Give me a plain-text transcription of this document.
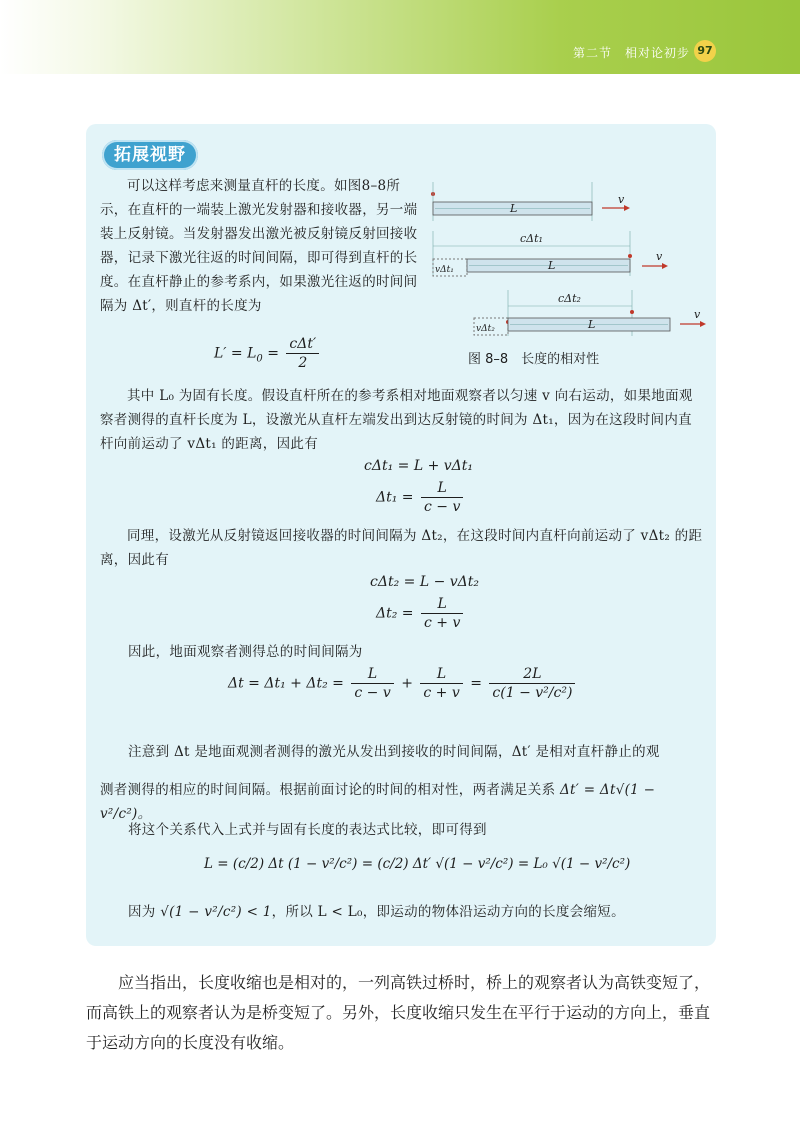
第二节　相对论初步 97
拓展视野

可以这样考虑来测量直杆的长度。如图8–8所示，在直杆的一端装上激光发射器和接收器，另一端装上反射镜。当发射器发出激光被反射镜反射回接收器，记录下激光往返的时间间隔，即可得到直杆的长度。在直杆静止的参考系内，如果激光往返的时间间隔为 Δt′，则直杆的长度为

$L' = L_0 = \frac{\text{cΔt′}}{2}$
L
v
cΔt₁
vΔt₁	L
v
cΔt₂
vΔt₂	L
v
图 8–8　长度的相对性

其中 L₀ 为固有长度。假设直杆所在的参考系相对地面观察者以匀速 v 向右运动，如果地面观察者测得的直杆长度为 L，设激光从直杆左端发出到达反射镜的时间为 Δt₁，因为在这段时间内直杆向前运动了 vΔt₁ 的距离，因此有

cΔt₁ = L + vΔt₁
$\Delta t_1 = \frac{L}{c - v}$

同理，设激光从反射镜返回接收器的时间间隔为 Δt₂，在这段时间内直杆向前运动了 vΔt₂ 的距离，因此有

cΔt₂ = L − vΔt₂
$\Delta t_2 = \frac{L}{c + v}$

因此，地面观察者测得总的时间间隔为

$\Delta t = \Delta t_1 + \Delta t_2 = \frac{L}{c - v} + \frac{L}{c + v} = \frac{2L}{\text{c(1 − v²/c²)}}$

注意到 Δt 是地面观测者测得的激光从发出到接收的时间间隔，Δt′ 是相对直杆静止的观

测者测得的相应的时间间隔。根据前面讨论的时间的相对性，两者满足关系 Δt′ = Δt√(1 − v²/c²)。

将这个关系代入上式并与固有长度的表达式比较，即可得到

L = (c/2) Δt (1 − v²/c²) = (c/2) Δt′ √(1 − v²/c²) = L₀ √(1 − v²/c²)

因为 √(1 − v²/c²) < 1，所以 L < L₀，即运动的物体沿运动方向的长度会缩短。

应当指出，长度收缩也是相对的，一列高铁过桥时，桥上的观察者认为高铁变短了，而高铁上的观察者认为是桥变短了。另外，长度收缩只发生在平行于运动的方向上，垂直于运动方向的长度没有收缩。
